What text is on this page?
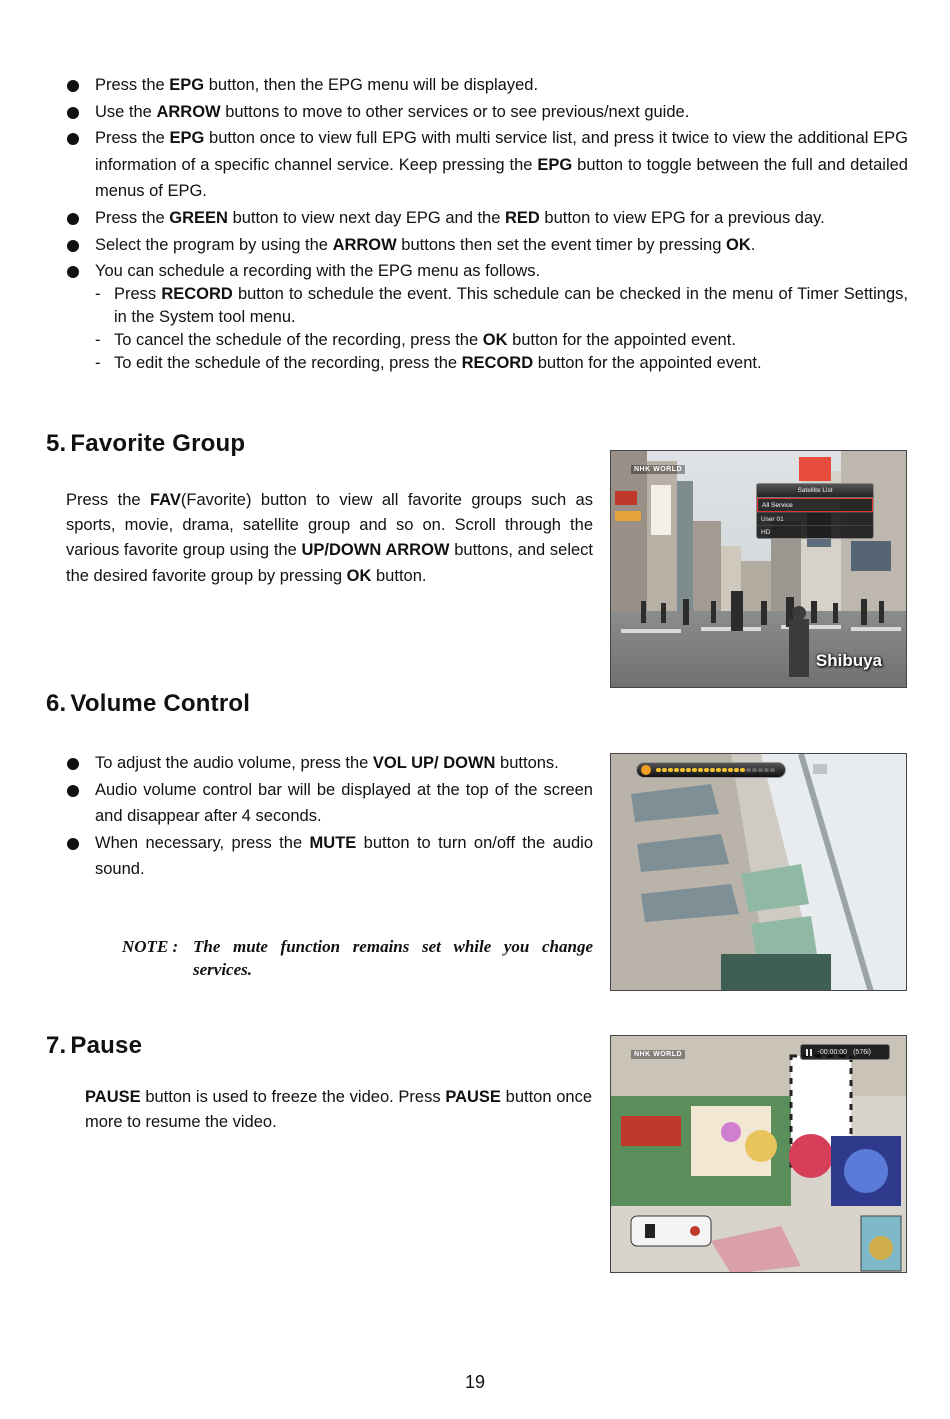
Press the EPG button, then the EPG menu will be displayed.
Use the ARROW buttons to move to other services or to see previous/next guide.
Press the EPG button once to view full EPG with multi service list, and press it twice to view the additional EPG information of a specific channel service. Keep pressing the EPG button to toggle between the full and detailed menus of EPG.
Press the GREEN button to view next day EPG and the RED button to view EPG for a previous day.
Select the program by using the ARROW buttons then set the event timer by pressing OK.
You can schedule a recording with the EPG menu as follows.
- Press RECORD button to schedule the event. This schedule can be checked in the menu of Timer Settings, in the System tool menu.
- To cancel the schedule of the recording, press the OK button for the appointed event.
- To edit the schedule of the recording, press the RECORD button for the appointed event.
5. Favorite Group

Press the FAV(Favorite) button to view all favorite groups such as sports, movie, drama, satellite group and so on. Scroll through the various favorite group using the UP/DOWN ARROW buttons, and select the desired favorite group by pressing OK button.

NHK WORLD
Satellite List
All Service
User 01
HD
Shibuya
6. Volume Control
To adjust the audio volume, press the VOL UP/ DOWN buttons.
Audio volume control bar will be displayed at the top of the screen and disappear after 4 seconds.
When necessary, press the MUTE button to turn on/off the audio sound.
NOTE : The mute function remains set while you change services.
7. Pause

PAUSE button is used to freeze the video. Press PAUSE button once more to resume the video.

NHK WORLD	-00:00:00 (576i)
19
